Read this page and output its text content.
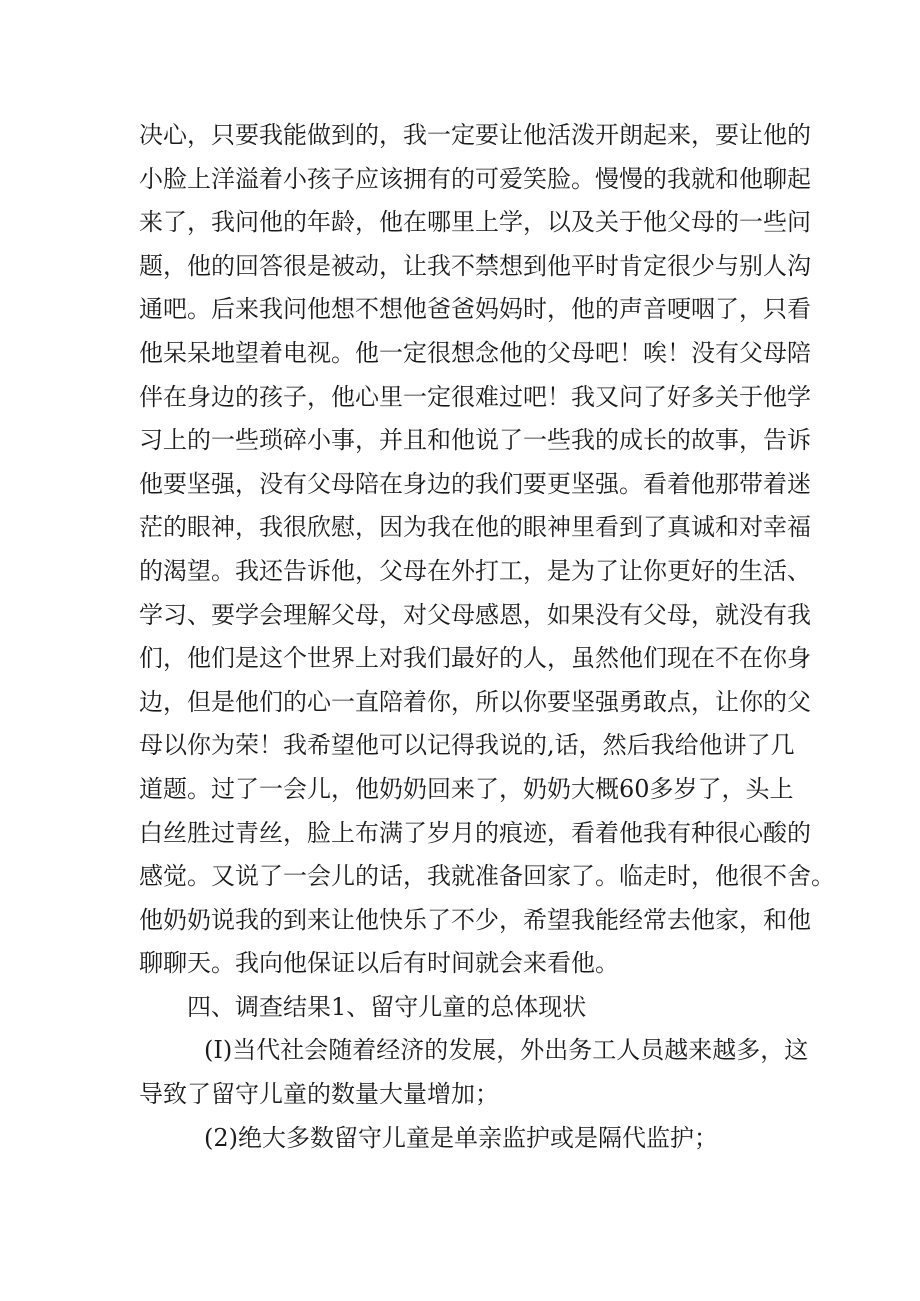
决心，只要我能做到的，我一定要让他活泼开朗起来，要让他的
小脸上洋溢着小孩子应该拥有的可爱笑脸。慢慢的我就和他聊起
来了，我问他的年龄，他在哪里上学，以及关于他父母的一些问
题，他的回答很是被动，让我不禁想到他平时肯定很少与别人沟
通吧。后来我问他想不想他爸爸妈妈时，他的声音哽咽了，只看
他呆呆地望着电视。他一定很想念他的父母吧！唉！没有父母陪
伴在身边的孩子，他心里一定很难过吧！我又问了好多关于他学
习上的一些琐碎小事，并且和他说了一些我的成长的故事，告诉
他要坚强，没有父母陪在身边的我们要更坚强。看着他那带着迷
茫的眼神，我很欣慰，因为我在他的眼神里看到了真诚和对幸福
的渴望。我还告诉他，父母在外打工，是为了让你更好的生活、
学习、要学会理解父母，对父母感恩，如果没有父母，就没有我
们，他们是这个世界上对我们最好的人，虽然他们现在不在你身
边，但是他们的心一直陪着你，所以你要坚强勇敢点，让你的父
母以你为荣！我希望他可以记得我说的,话，然后我给他讲了几
道题。过了一会儿，他奶奶回来了，奶奶大概60多岁了，头上
白丝胜过青丝，脸上布满了岁月的痕迹，看着他我有种很心酸的
感觉。又说了一会儿的话，我就准备回家了。临走时，他很不舍。
他奶奶说我的到来让他快乐了不少，希望我能经常去他家，和他
聊聊天。我向他保证以后有时间就会来看他。
四、调查结果1、留守儿童的总体现状
(I)当代社会随着经济的发展，外出务工人员越来越多，这
导致了留守儿童的数量大量增加；
(2)绝大多数留守儿童是单亲监护或是隔代监护；
